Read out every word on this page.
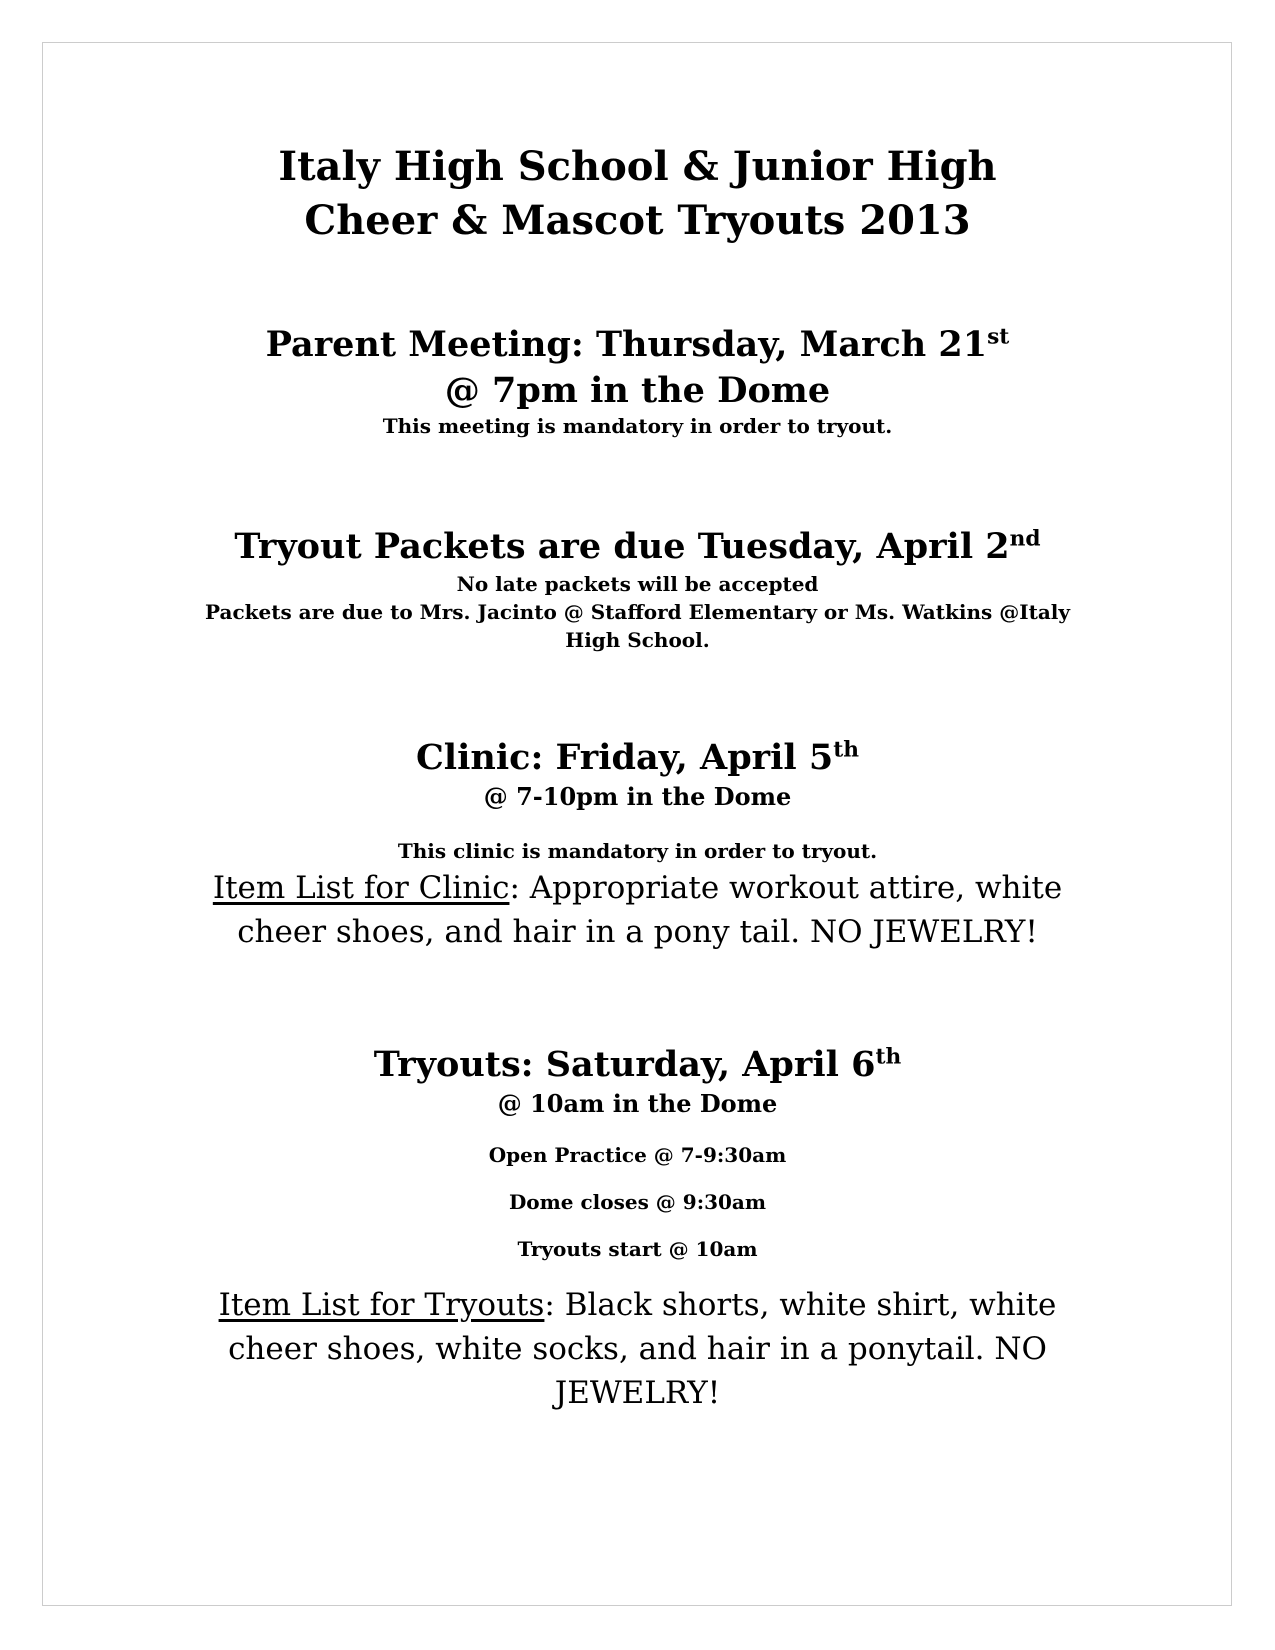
Italy High School & Junior High
Cheer & Mascot Tryouts 2013
Parent Meeting: Thursday, March 21st
@ 7pm in the Dome
This meeting is mandatory in order to tryout.
Tryout Packets are due Tuesday, April 2nd
No late packets will be accepted
Packets are due to Mrs. Jacinto @ Stafford Elementary or Ms. Watkins @Italy
High School.
Clinic: Friday, April 5th
@ 7-10pm in the Dome
This clinic is mandatory in order to tryout.
Item List for Clinic: Appropriate workout attire, white
cheer shoes, and hair in a pony tail. NO JEWELRY!
Tryouts: Saturday, April 6th
@ 10am in the Dome
Open Practice @ 7-9:30am
Dome closes @ 9:30am
Tryouts start @ 10am
Item List for Tryouts: Black shorts, white shirt, white
cheer shoes, white socks, and hair in a ponytail. NO
JEWELRY!
